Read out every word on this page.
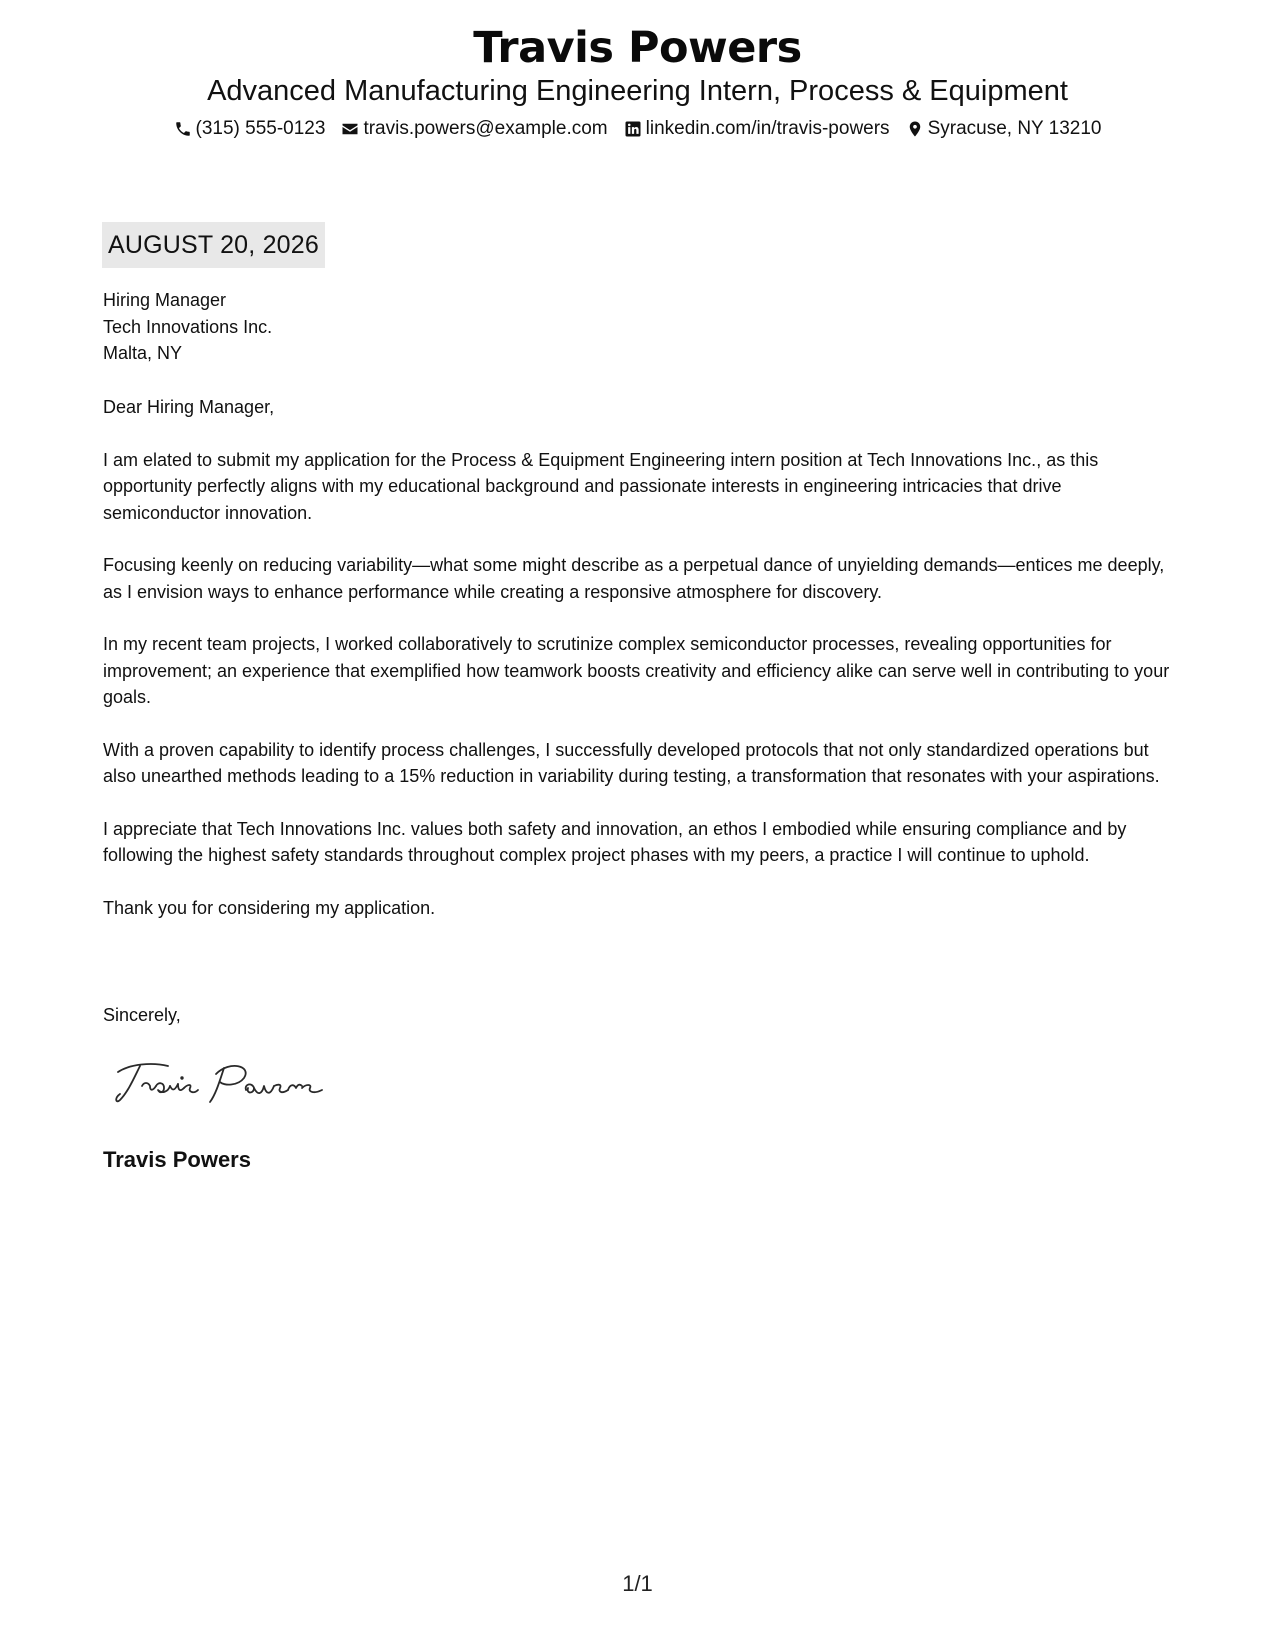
Travis Powers
Advanced Manufacturing Engineering Intern, Process & Equipment
(315) 555-0123 travis.powers@example.com linkedin.com/in/travis-powers Syracuse, NY 13210
AUGUST 20, 2026
Hiring Manager
Tech Innovations Inc.
Malta, NY

Dear Hiring Manager,

I am elated to submit my application for the Process & Equipment Engineering intern position at Tech Innovations Inc., as this opportunity perfectly aligns with my educational background and passionate interests in engineering intricacies that drive semiconductor innovation.

Focusing keenly on reducing variability—what some might describe as a perpetual dance of unyielding demands—entices me deeply, as I envision ways to enhance performance while creating a responsive atmosphere for discovery.

In my recent team projects, I worked collaboratively to scrutinize complex semiconductor processes, revealing opportunities for improvement; an experience that exemplified how teamwork boosts creativity and efficiency alike can serve well in contributing to your goals.

With a proven capability to identify process challenges, I successfully developed protocols that not only standardized operations but also unearthed methods leading to a 15% reduction in variability during testing, a transformation that resonates with your aspirations.

I appreciate that Tech Innovations Inc. values both safety and innovation, an ethos I embodied while ensuring compliance and by following the highest safety standards throughout complex project phases with my peers, a practice I will continue to uphold.

Thank you for considering my application.

Sincerely,
Travis Powers
1/1
